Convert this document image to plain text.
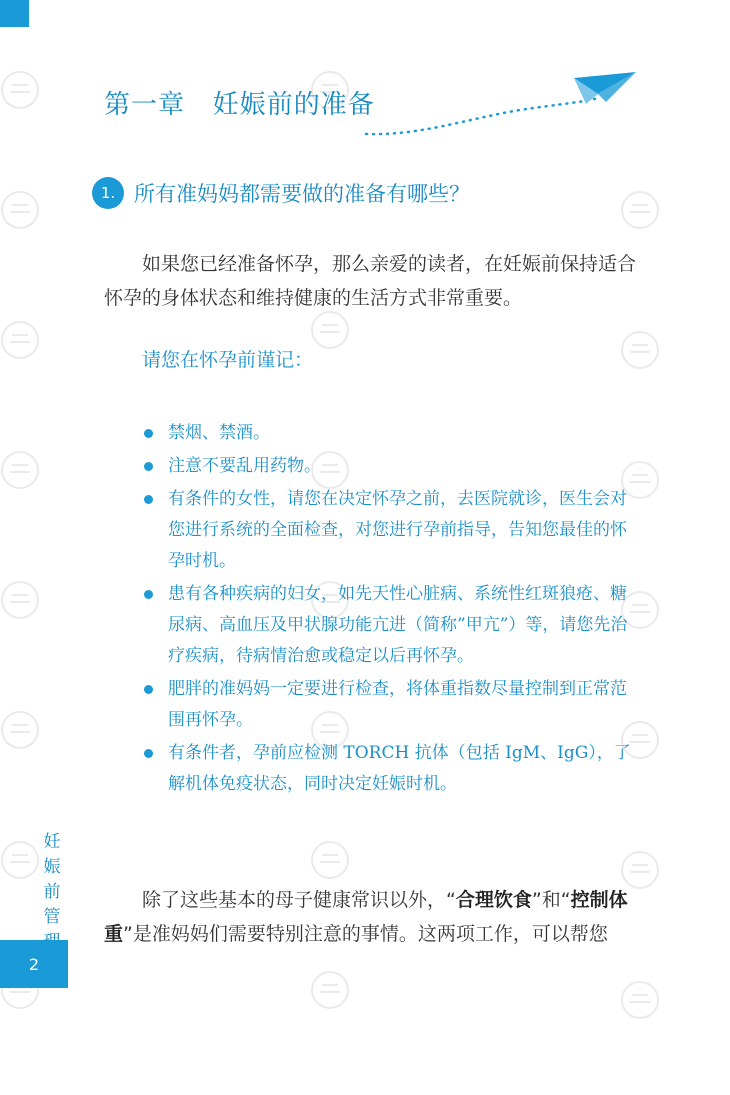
第一章   妊娠前的准备
1. 所有准妈妈都需要做的准备有哪些？

如果您已经准备怀孕，那么亲爱的读者，在妊娠前保持适合怀孕的身体状态和维持健康的生活方式非常重要。

请您在怀孕前谨记：
禁烟、禁酒。
注意不要乱用药物。
有条件的女性，请您在决定怀孕之前，去医院就诊，医生会对您进行系统的全面检查，对您进行孕前指导，告知您最佳的怀孕时机。
患有各种疾病的妇女，如先天性心脏病、系统性红斑狼疮、糖尿病、高血压及甲状腺功能亢进（简称”甲亢”）等，请您先治疗疾病，待病情治愈或稳定以后再怀孕。
肥胖的准妈妈一定要进行检查，将体重指数尽量控制到正常范围再怀孕。
有条件者，孕前应检测 TORCH 抗体（包括 IgM、IgG），了解机体免疫状态，同时决定妊娠时机。

除了这些基本的母子健康常识以外，“合理饮食”和“控制体重”是准妈妈们需要特别注意的事情。这两项工作，可以帮您

妊娠前管
2
